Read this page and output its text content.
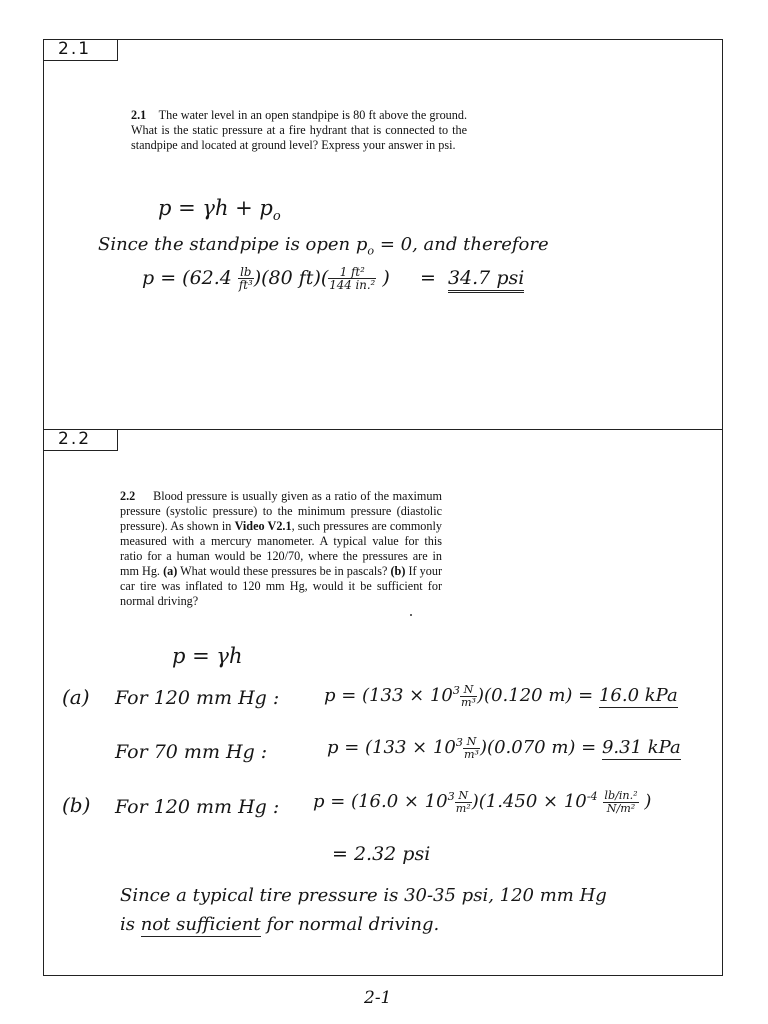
2.1
2.1 The water level in an open standpipe is 80 ft above the ground. What is the static pressure at a fire hydrant that is connected to the standpipe and located at ground level? Express your answer in psi.
$p = \gamma h + p_o$
Since the standpipe is open $p_o = 0$, and therefore
$p = (62.4 \frac{lb}{\text{ft³}} )(80$ $ft)( \frac{\text{1 ft²}}{\text{144 in.²}}$ ) = 34.7 psi
2.2
2.2 Blood pressure is usually given as a ratio of the maximum pressure (systolic pressure) to the minimum pressure (diastolic pressure). As shown in Video V2.1, such pressures are commonly measured with a mercury manometer. A typical value for this ratio for a human would be 120/70, where the pressures are in mm Hg. (a) What would these pressures be in pascals? (b) If your car tire was inflated to 120 mm Hg, would it be sufficient for normal driving?
p = γh
(a) For 120 mm Hg : $p = (133 \times 10^3 \frac{N}{\text{m³}} )(0.120$ m) = 16.0 kPa
For 70 mm Hg :	$p = (133 \times 10^3 \frac{N}{\text{m³}} )(0.070$ m) = 9.31 kPa
(b) For 120 mm Hg : $p = (16.0 \times 10^3 \frac{N}{\text{m²}} )(1.450 \times 10^{-4} \frac{\text{lb/in.²}}{\text{N/m²}}$ )
= 2.32 psi
Since a typical tire pressure is 30-35 psi, 120 mm Hg
is not sufficient for normal driving.
2-1
